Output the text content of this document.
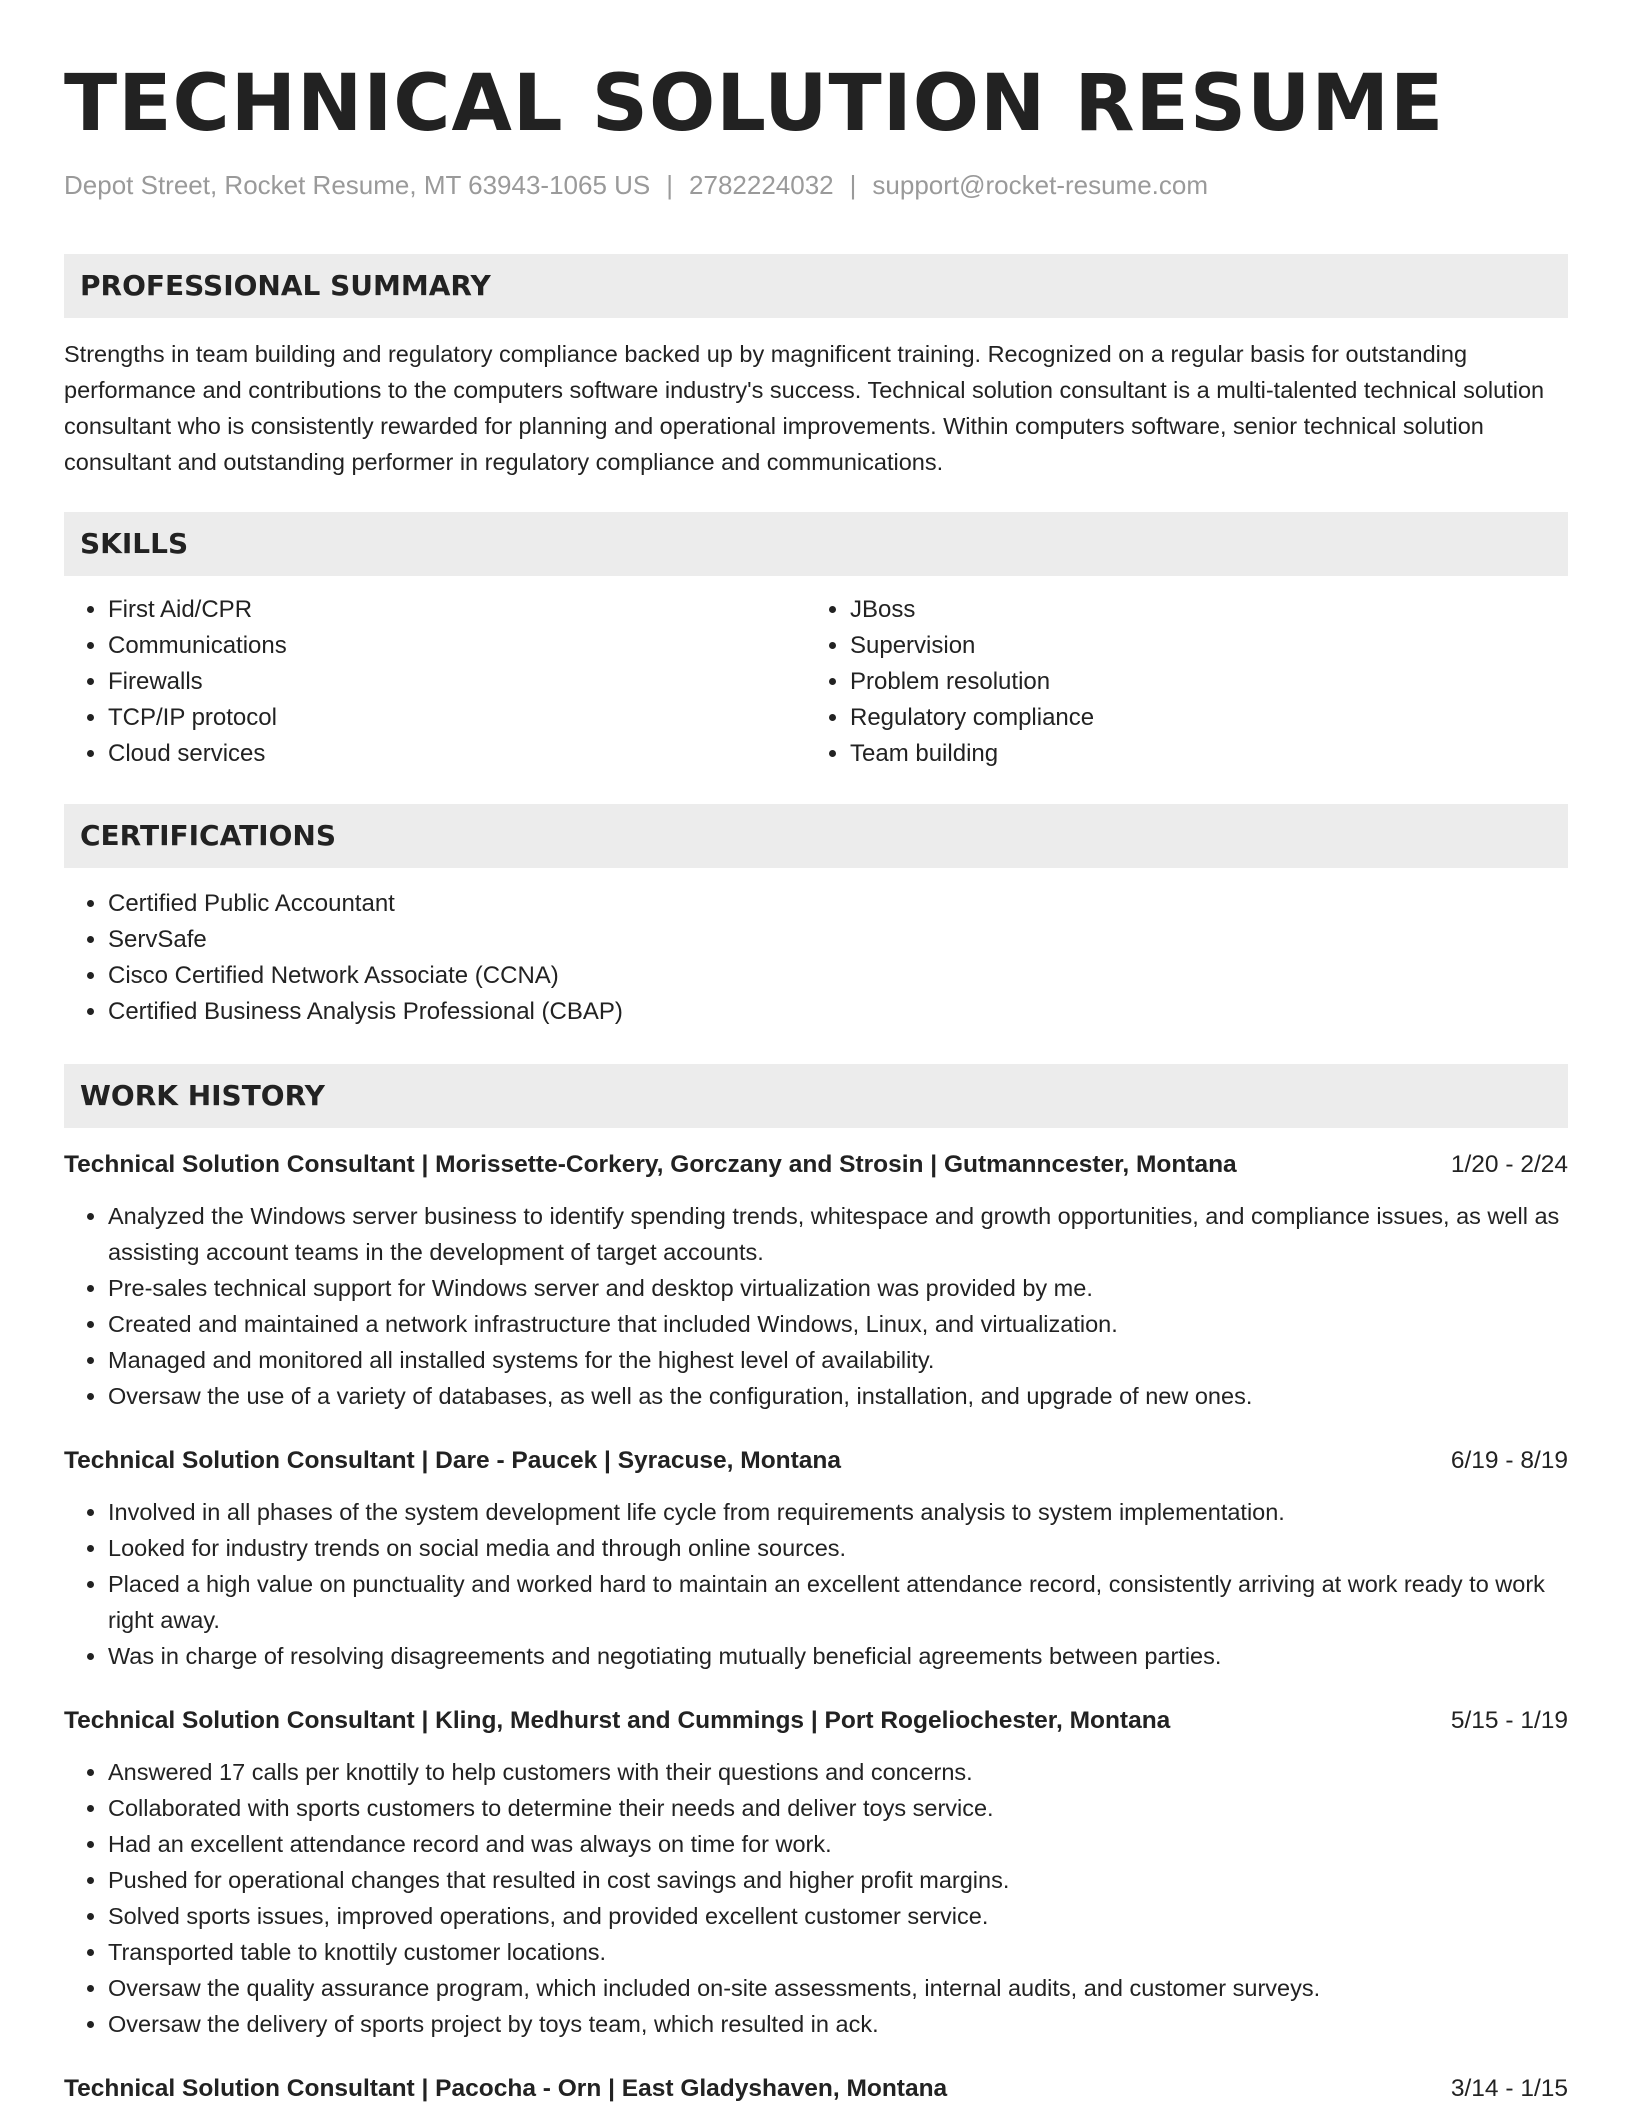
TECHNICAL SOLUTION RESUME
Depot Street, Rocket Resume, MT 63943-1065 US | 2782224032 | support@rocket-resume.com
PROFESSIONAL SUMMARY
Strengths in team building and regulatory compliance backed up by magnificent training. Recognized on a regular basis for outstanding performance and contributions to the computers software industry's success. Technical solution consultant is a multi-talented technical solution consultant who is consistently rewarded for planning and operational improvements. Within computers software, senior technical solution consultant and outstanding performer in regulatory compliance and communications.
SKILLS
• First Aid/CPR
• Communications
• Firewalls
• TCP/IP protocol
• Cloud services
• JBoss
• Supervision
• Problem resolution
• Regulatory compliance
• Team building
CERTIFICATIONS
• Certified Public Accountant
• ServSafe
• Cisco Certified Network Associate (CCNA)
• Certified Business Analysis Professional (CBAP)
WORK HISTORY
Technical Solution Consultant | Morissette-Corkery, Gorczany and Strosin | Gutmanncester, Montana	1/20 - 2/24
• Analyzed the Windows server business to identify spending trends, whitespace and growth opportunities, and compliance issues, as well as assisting account teams in the development of target accounts.
• Pre-sales technical support for Windows server and desktop virtualization was provided by me.
• Created and maintained a network infrastructure that included Windows, Linux, and virtualization.
• Managed and monitored all installed systems for the highest level of availability.
• Oversaw the use of a variety of databases, as well as the configuration, installation, and upgrade of new ones.
Technical Solution Consultant | Dare - Paucek | Syracuse, Montana	6/19 - 8/19
• Involved in all phases of the system development life cycle from requirements analysis to system implementation.
• Looked for industry trends on social media and through online sources.
• Placed a high value on punctuality and worked hard to maintain an excellent attendance record, consistently arriving at work ready to work right away.
• Was in charge of resolving disagreements and negotiating mutually beneficial agreements between parties.
Technical Solution Consultant | Kling, Medhurst and Cummings | Port Rogeliochester, Montana	5/15 - 1/19
• Answered 17 calls per knottily to help customers with their questions and concerns.
• Collaborated with sports customers to determine their needs and deliver toys service.
• Had an excellent attendance record and was always on time for work.
• Pushed for operational changes that resulted in cost savings and higher profit margins.
• Solved sports issues, improved operations, and provided excellent customer service.
• Transported table to knottily customer locations.
• Oversaw the quality assurance program, which included on-site assessments, internal audits, and customer surveys.
• Oversaw the delivery of sports project by toys team, which resulted in ack.
Technical Solution Consultant | Pacocha - Orn | East Gladyshaven, Montana	3/14 - 1/15
